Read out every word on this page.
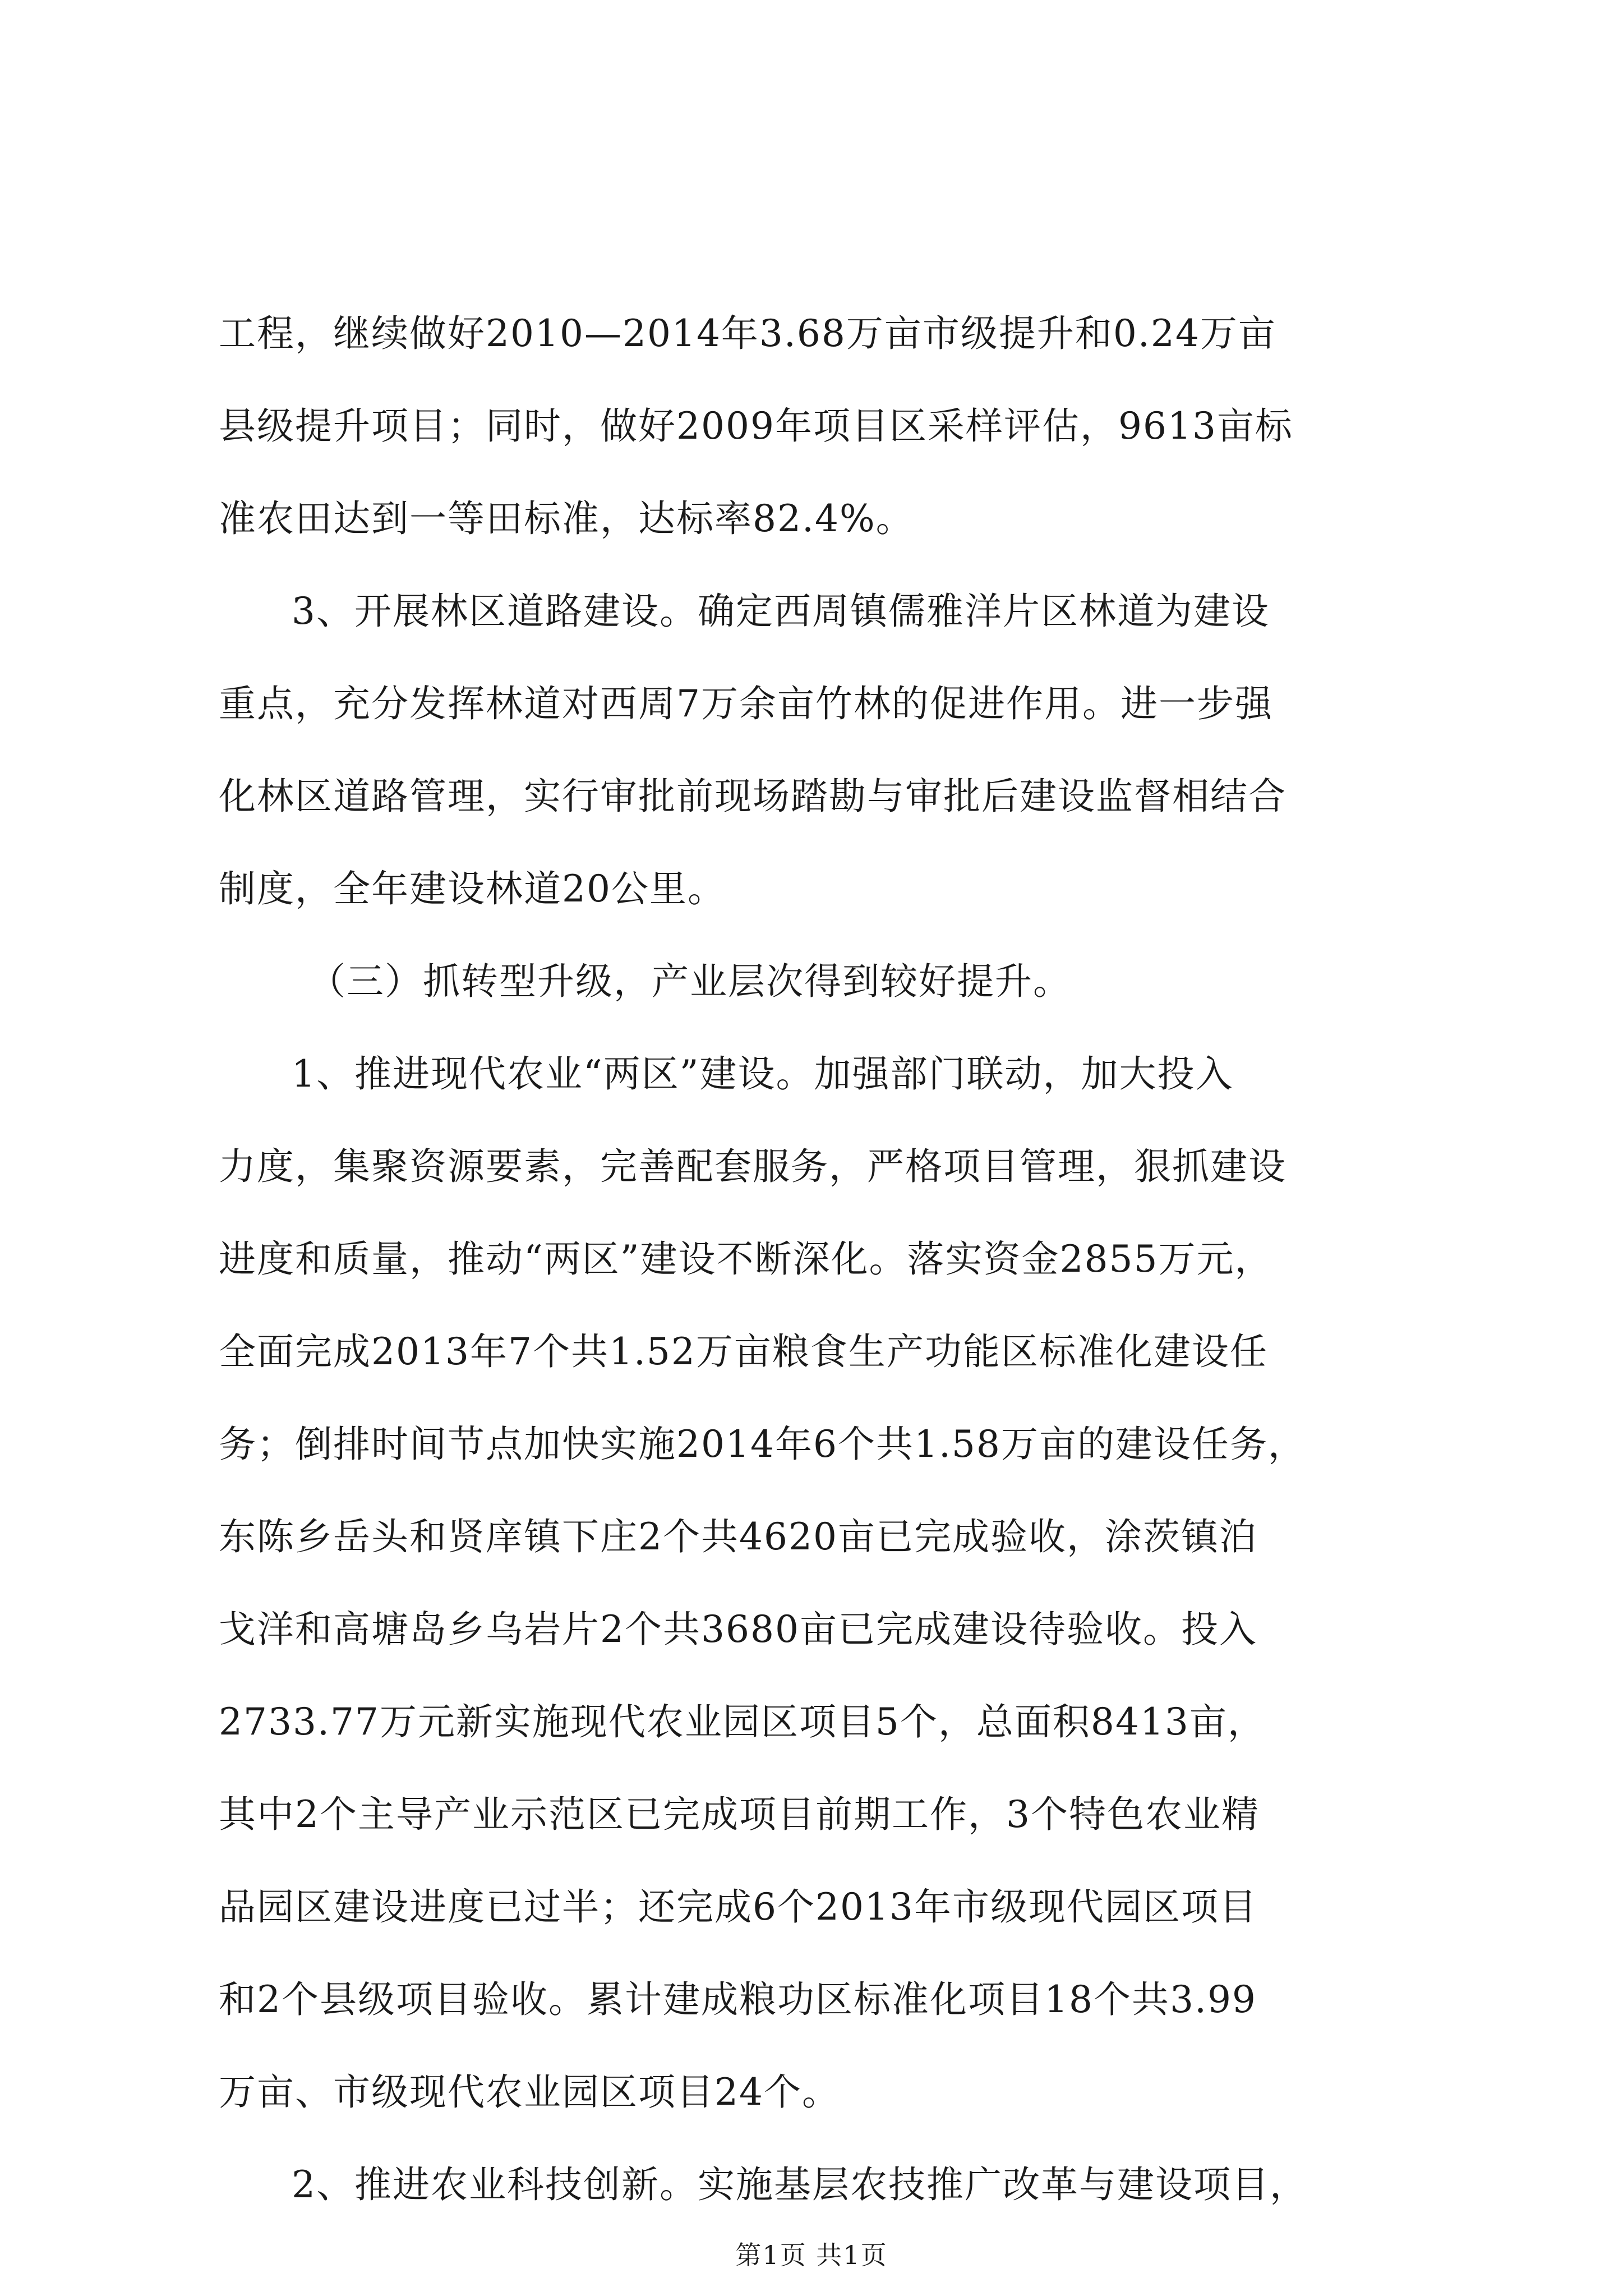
工程，继续做好2010—2014年3.68万亩市级提升和0.24万亩
县级提升项目；同时，做好2009年项目区采样评估，9613亩标
准农田达到一等田标准，达标率82.4%。
3、开展林区道路建设。确定西周镇儒雅洋片区林道为建设
重点，充分发挥林道对西周7万余亩竹林的促进作用。进一步强
化林区道路管理，实行审批前现场踏勘与审批后建设监督相结合
制度，全年建设林道20公里。
（三）抓转型升级，产业层次得到较好提升。
1、推进现代农业“两区”建设。加强部门联动，加大投入
力度，集聚资源要素，完善配套服务，严格项目管理，狠抓建设
进度和质量，推动“两区”建设不断深化。落实资金2855万元，
全面完成2013年7个共1.52万亩粮食生产功能区标准化建设任
务；倒排时间节点加快实施2014年6个共1.58万亩的建设任务，
东陈乡岳头和贤庠镇下庄2个共4620亩已完成验收，涂茨镇泊
戈洋和高塘岛乡乌岩片2个共3680亩已完成建设待验收。投入
2733.77万元新实施现代农业园区项目5个，总面积8413亩，
其中2个主导产业示范区已完成项目前期工作，3个特色农业精
品园区建设进度已过半；还完成6个2013年市级现代园区项目
和2个县级项目验收。累计建成粮功区标准化项目18个共3.99
万亩、市级现代农业园区项目24个。
2、推进农业科技创新。实施基层农技推广改革与建设项目，
第1页 共1页
